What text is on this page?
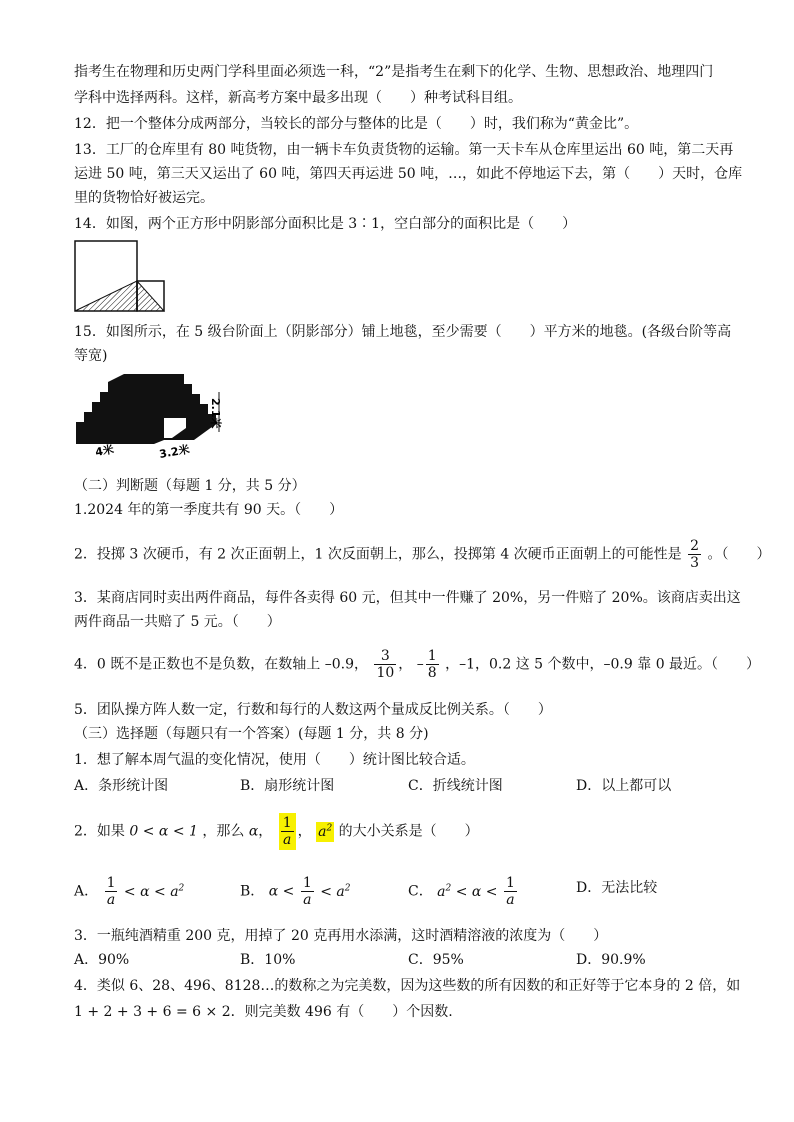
指考生在物理和历史两门学科里面必须选一科，“2”是指考生在剩下的化学、生物、思想政治、地理四门
学科中选择两科。这样，新高考方案中最多出现（　　）种考试科目组。
12．把一个整体分成两部分，当较长的部分与整体的比是（　　）时，我们称为“黄金比”。
13．工厂的仓库里有 80 吨货物，由一辆卡车负责货物的运输。第一天卡车从仓库里运出 60 吨，第二天再
运进 50 吨，第三天又运出了 60 吨，第四天再运进 50 吨，…，如此不停地运下去，第（　　）天时，仓库
里的货物恰好被运完。
14．如图，两个正方形中阴影部分面积比是 3∶1，空白部分的面积比是（　　）
15．如图所示，在 5 级台阶面上（阴影部分）铺上地毯，至少需要（　　）平方米的地毯。(各级台阶等高
等宽)
2.1米
4米	3.2米
（二）判断题（每题 1 分，共 5 分）
1.2024 年的第一季度共有 90 天。（　　）
2．投掷 3 次硬币，有 2 次正面朝上，1 次反面朝上，那么，投掷第 4 次硬币正面朝上的可能性是 $\frac{2}{3}$ 。（　　）
3．某商店同时卖出两件商品，每件各卖得 60 元，但其中一件赚了 20%，另一件赔了 20%。该商店卖出这
两件商品一共赔了 5 元。（　　）
4．0 既不是正数也不是负数，在数轴上 –0.9， $\frac{3}{10}$ ， – $\frac{1}{8}$ ，–1，0.2 这 5 个数中，–0.9 靠 0 最近。（　　）
5．团队操方阵人数一定，行数和每行的人数这两个量成反比例关系。（　　）
（三）选择题（每题只有一个答案）(每题 1 分，共 8 分)
1．想了解本周气温的变化情况，使用（　　）统计图比较合适。
A．条形统计图	B．扇形统计图	C．折线统计图	D．以上都可以
2．如果 0 < α < 1 ，那么 α， $\frac{1}{a}$ ， $a^2$ 的大小关系是（　　）
A． $\frac{1}{a} < \alpha < a^2$	B． $\alpha < \frac{1}{a} < a^2$	C． $a^2 < \alpha < \frac{1}{a}$	D．无法比较
3．一瓶纯酒精重 200 克，用掉了 20 克再用水添满，这时酒精溶液的浓度为（　　）
A．90%	B．10%	C．95%	D．90.9%
4．类似 6、28、496、8128…的数称之为完美数，因为这些数的所有因数的和正好等于它本身的 2 倍，如
1 + 2 + 3 + 6 = 6 × 2．则完美数 496 有（　　）个因数.
